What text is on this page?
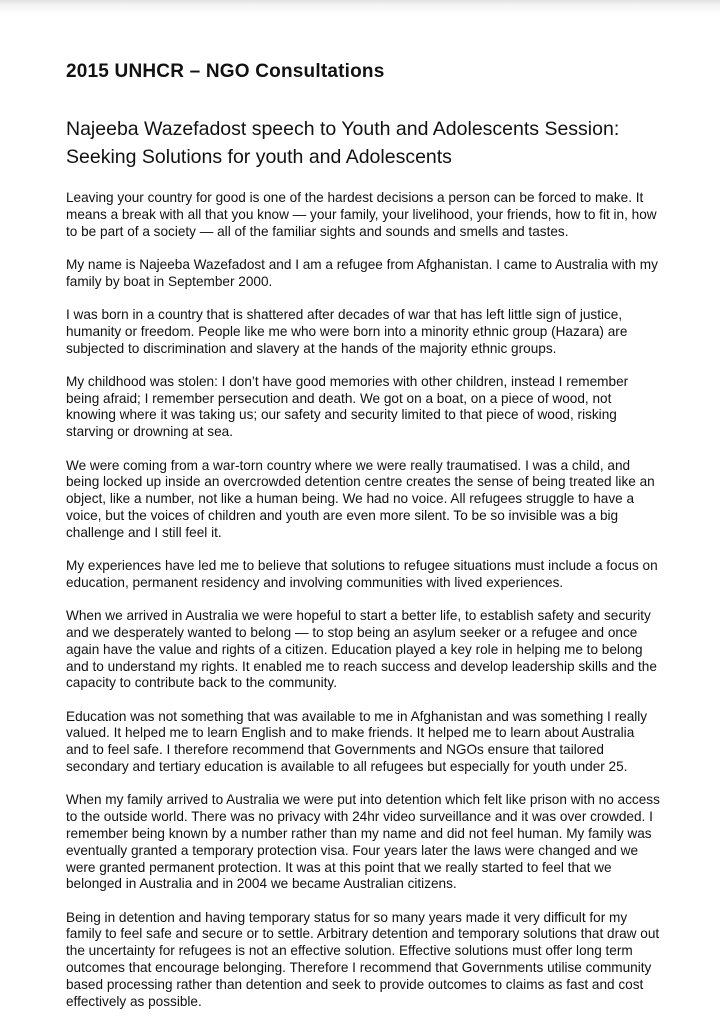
2015 UNHCR – NGO Consultations
Najeeba Wazefadost speech to Youth and Adolescents Session: Seeking Solutions for youth and Adolescents

Leaving your country for good is one of the hardest decisions a person can be forced to make. It means a break with all that you know — your family, your livelihood, your friends, how to fit in, how to be part of a society — all of the familiar sights and sounds and smells and tastes.

My name is Najeeba Wazefadost and I am a refugee from Afghanistan. I came to Australia with my family by boat in September 2000.

I was born in a country that is shattered after decades of war that has left little sign of justice, humanity or freedom. People like me who were born into a minority ethnic group (Hazara) are subjected to discrimination and slavery at the hands of the majority ethnic groups.

My childhood was stolen: I don’t have good memories with other children, instead I remember being afraid; I remember persecution and death. We got on a boat, on a piece of wood, not knowing where it was taking us; our safety and security limited to that piece of wood, risking starving or drowning at sea.

We were coming from a war-torn country where we were really traumatised. I was a child, and being locked up inside an overcrowded detention centre creates the sense of being treated like an object, like a number, not like a human being. We had no voice. All refugees struggle to have a voice, but the voices of children and youth are even more silent. To be so invisible was a big challenge and I still feel it.

My experiences have led me to believe that solutions to refugee situations must include a focus on education, permanent residency and involving communities with lived experiences.

When we arrived in Australia we were hopeful to start a better life, to establish safety and security and we desperately wanted to belong — to stop being an asylum seeker or a refugee and once again have the value and rights of a citizen. Education played a key role in helping me to belong and to understand my rights. It enabled me to reach success and develop leadership skills and the capacity to contribute back to the community.

Education was not something that was available to me in Afghanistan and was something I really valued. It helped me to learn English and to make friends. It helped me to learn about Australia and to feel safe. I therefore recommend that Governments and NGOs ensure that tailored secondary and tertiary education is available to all refugees but especially for youth under 25.

When my family arrived to Australia we were put into detention which felt like prison with no access to the outside world. There was no privacy with 24hr video surveillance and it was over crowded. I remember being known by a number rather than my name and did not feel human. My family was eventually granted a temporary protection visa. Four years later the laws were changed and we were granted permanent protection. It was at this point that we really started to feel that we belonged in Australia and in 2004 we became Australian citizens.

Being in detention and having temporary status for so many years made it very difficult for my family to feel safe and secure or to settle. Arbitrary detention and temporary solutions that draw out the uncertainty for refugees is not an effective solution. Effective solutions must offer long term outcomes that encourage belonging. Therefore I recommend that Governments utilise community based processing rather than detention and seek to provide outcomes to claims as fast and cost effectively as possible.
